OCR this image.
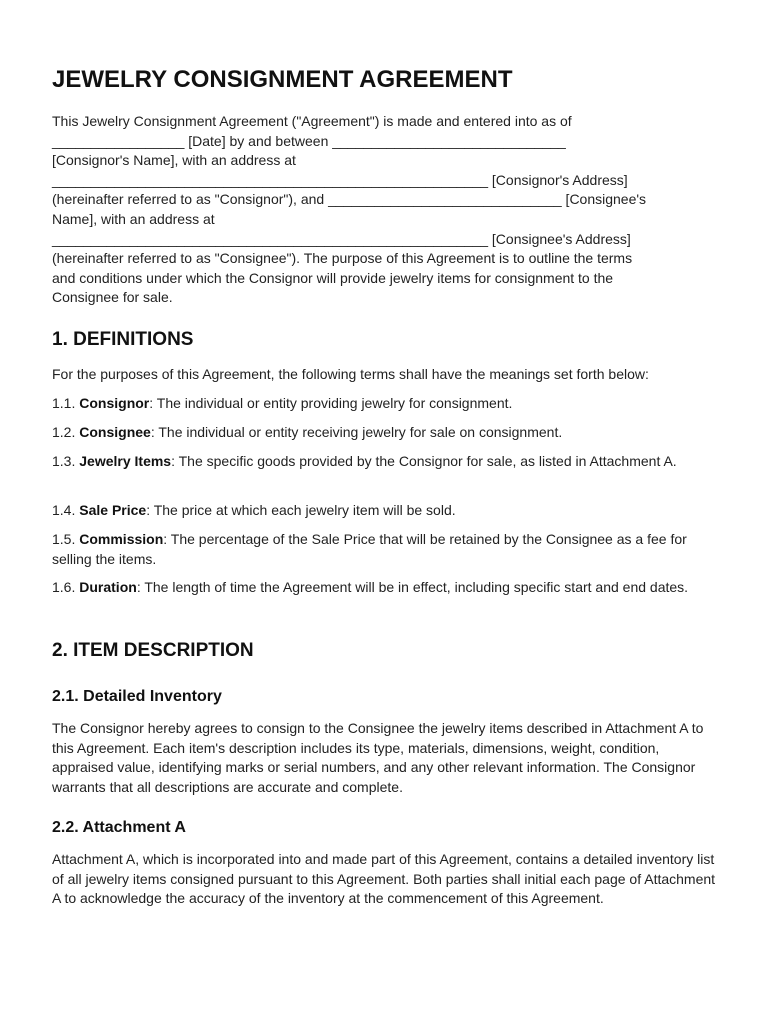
JEWELRY CONSIGNMENT AGREEMENT

This Jewelry Consignment Agreement ("Agreement") is made and entered into as of
_________________ [Date] by and between ______________________________
[Consignor's Name], with an address at
________________________________________________________ [Consignor's Address]
(hereinafter referred to as "Consignor"), and ______________________________ [Consignee's
Name], with an address at
________________________________________________________ [Consignee's Address]
(hereinafter referred to as "Consignee"). The purpose of this Agreement is to outline the terms
and conditions under which the Consignor will provide jewelry items for consignment to the
Consignee for sale.

1. DEFINITIONS

For the purposes of this Agreement, the following terms shall have the meanings set forth below:

1.1. Consignor: The individual or entity providing jewelry for consignment.

1.2. Consignee: The individual or entity receiving jewelry for sale on consignment.

1.3. Jewelry Items: The specific goods provided by the Consignor for sale, as listed in Attachment A.

1.4. Sale Price: The price at which each jewelry item will be sold.

1.5. Commission: The percentage of the Sale Price that will be retained by the Consignee as a fee for selling the items.

1.6. Duration: The length of time the Agreement will be in effect, including specific start and end dates.

2. ITEM DESCRIPTION
2.1. Detailed Inventory

The Consignor hereby agrees to consign to the Consignee the jewelry items described in Attachment A to this Agreement. Each item's description includes its type, materials, dimensions, weight, condition, appraised value, identifying marks or serial numbers, and any other relevant information. The Consignor warrants that all descriptions are accurate and complete.

2.2. Attachment A

Attachment A, which is incorporated into and made part of this Agreement, contains a detailed inventory list of all jewelry items consigned pursuant to this Agreement. Both parties shall initial each page of Attachment A to acknowledge the accuracy of the inventory at the commencement of this Agreement.
